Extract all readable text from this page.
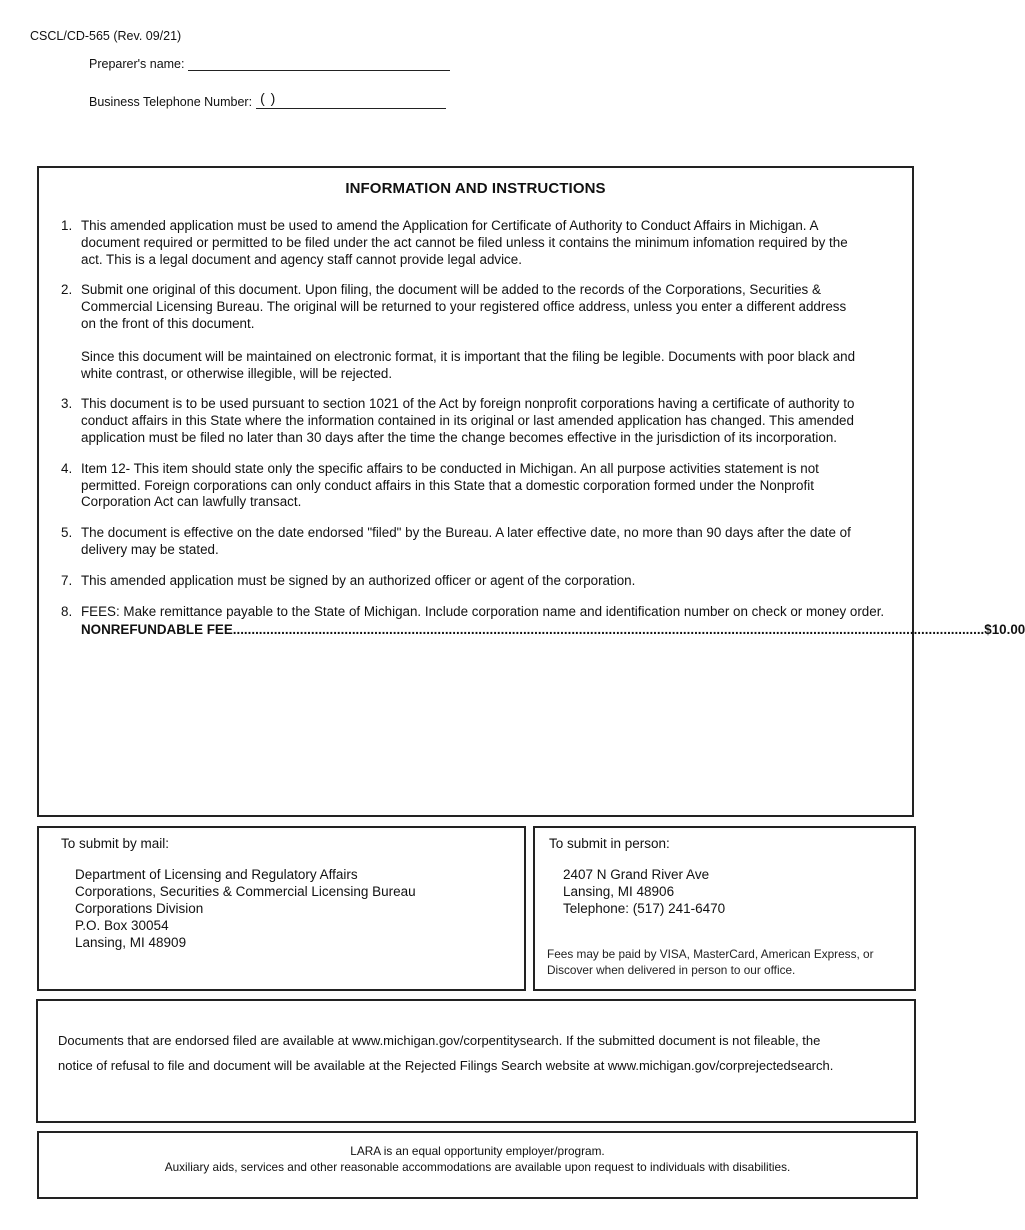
CSCL/CD-565 (Rev. 09/21)
Preparer's name:
Business Telephone Number: ( )
INFORMATION AND INSTRUCTIONS
1. This amended application must be used to amend the Application for Certificate of Authority to Conduct Affairs in Michigan. A document required or permitted to be filed under the act cannot be filed unless it contains the minimum infomation required by the act. This is a legal document and agency staff cannot provide legal advice.

2. Submit one original of this document. Upon filing, the document will be added to the records of the Corporations, Securities & Commercial Licensing Bureau. The original will be returned to your registered office address, unless you enter a different address on the front of this document.

Since this document will be maintained on electronic format, it is important that the filing be legible. Documents with poor black and white contrast, or otherwise illegible, will be rejected.

3. This document is to be used pursuant to section 1021 of the Act by foreign nonprofit corporations having a certificate of authority to conduct affairs in this State where the information contained in its original or last amended application has changed. This amended application must be filed no later than 30 days after the time the change becomes effective in the jurisdiction of its incorporation.

4. Item 12- This item should state only the specific affairs to be conducted in Michigan. An all purpose activities statement is not permitted. Foreign corporations can only conduct affairs in this State that a domestic corporation formed under the Nonprofit Corporation Act can lawfully transact.

5. The document is effective on the date endorsed "filed" by the Bureau. A later effective date, no more than 90 days after the date of delivery may be stated.

7. This amended application must be signed by an authorized officer or agent of the corporation.

8. FEES: Make remittance payable to the State of Michigan. Include corporation name and identification number on check or money order.

NONREFUNDABLE FEE .......................................................................................................................................................................................................... $10.00
To submit by mail:
Department of Licensing and Regulatory Affairs
Corporations, Securities & Commercial Licensing Bureau
Corporations Division
P.O. Box 30054
Lansing, MI 48909
To submit in person:
2407 N Grand River Ave
Lansing, MI 48906
Telephone: (517) 241-6470
Fees may be paid by VISA, MasterCard, American Express, or Discover when delivered in person to our office.
Documents that are endorsed filed are available at www.michigan.gov/corpentitysearch. If the submitted document is not fileable, the notice of refusal to file and document will be available at the Rejected Filings Search website at www.michigan.gov/corprejectedsearch.
LARA is an equal opportunity employer/program.
Auxiliary aids, services and other reasonable accommodations are available upon request to individuals with disabilities.
